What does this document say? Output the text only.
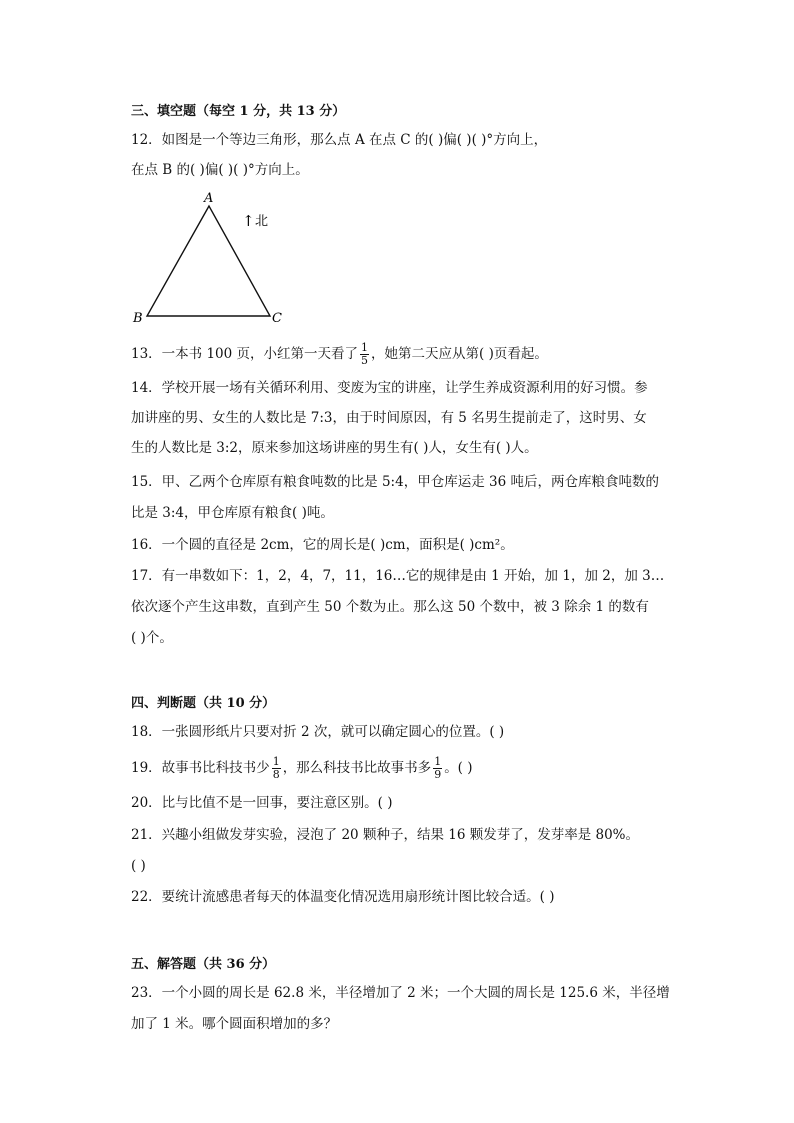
三、填空题（每空 1 分，共 13 分）
12．如图是一个等边三角形，那么点 A 在点 C 的( )偏( )( )°方向上，
在点 B 的( )偏( )( )°方向上。
A
B	C
↑ 北
13．一本书 100 页，小红第一天看了 $\frac{1}{5}$ ，她第二天应从第( )页看起。
14．学校开展一场有关循环利用、变废为宝的讲座，让学生养成资源利用的好习惯。参
加讲座的男、女生的人数比是 7:3，由于时间原因，有 5 名男生提前走了，这时男、女
生的人数比是 3:2，原来参加这场讲座的男生有( )人，女生有( )人。
15．甲、乙两个仓库原有粮食吨数的比是 5:4，甲仓库运走 36 吨后，两仓库粮食吨数的
比是 3:4，甲仓库原有粮食( )吨。
16．一个圆的直径是 2cm，它的周长是( )cm，面积是( )cm²。
17．有一串数如下：1，2，4，7，11，16…它的规律是由 1 开始，加 1，加 2，加 3…
依次逐个产生这串数，直到产生 50 个数为止。那么这 50 个数中，被 3 除余 1 的数有
( )个。
四、判断题（共 10 分）
18．一张圆形纸片只要对折 2 次，就可以确定圆心的位置。( )
19．故事书比科技书少 $\frac{1}{8}$ ，那么科技书比故事书多 $\frac{1}{9}$ 。( )
20．比与比值不是一回事，要注意区别。( )
21．兴趣小组做发芽实验，浸泡了 20 颗种子，结果 16 颗发芽了，发芽率是 80%。
( )
22．要统计流感患者每天的体温变化情况选用扇形统计图比较合适。( )
五、解答题（共 36 分）
23．一个小圆的周长是 62.8 米，半径增加了 2 米；一个大圆的周长是 125.6 米，半径增
加了 1 米。哪个圆面积增加的多？
